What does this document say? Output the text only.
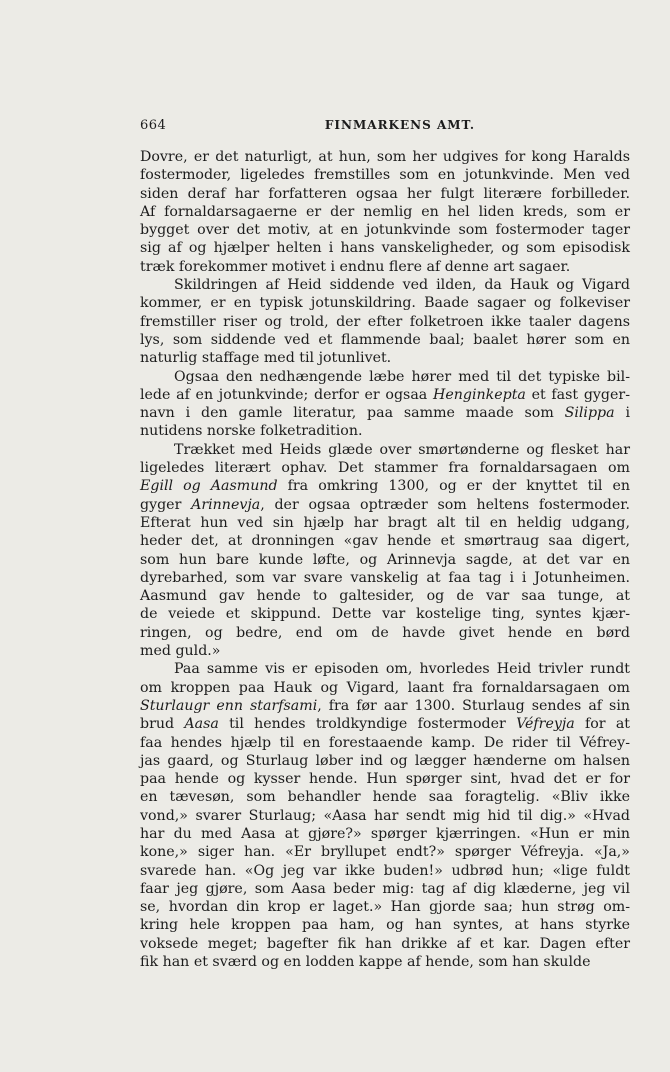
664	FINMARKENS AMT.
Dovre, er det naturligt, at hun, som her udgives for kong Haralds
fostermoder, ligeledes fremstilles som en jotunkvinde. Men ved
siden deraf har forfatteren ogsaa her fulgt literære forbilleder.
Af fornaldarsagaerne er der nemlig en hel liden kreds, som er
bygget over det motiv, at en jotunkvinde som fostermoder tager
sig af og hjælper helten i hans vanskeligheder, og som episodisk
træk forekommer motivet i endnu flere af denne art sagaer.
Skildringen af Heid siddende ved ilden, da Hauk og Vigard
kommer, er en typisk jotunskildring. Baade sagaer og folkeviser
fremstiller riser og trold, der efter folketroen ikke taaler dagens
lys, som siddende ved et flammende baal; baalet hører som en
naturlig staffage med til jotunlivet.
Ogsaa den nedhængende læbe hører med til det typiske bil-
lede af en jotunkvinde; derfor er ogsaa Henginkepta et fast gyger-
navn i den gamle literatur, paa samme maade som Silippa i
nutidens norske folketradition.
Trækket med Heids glæde over smørtønderne og flesket har
ligeledes literært ophav. Det stammer fra fornaldarsagaen om
Egill og Aasmund fra omkring 1300, og er der knyttet til en
gyger Arinnevja, der ogsaa optræder som heltens fostermoder.
Efterat hun ved sin hjælp har bragt alt til en heldig udgang,
heder det, at dronningen «gav hende et smørtraug saa digert,
som hun bare kunde løfte, og Arinnevja sagde, at det var en
dyrebarhed, som var svare vanskelig at faa tag i i Jotunheimen.
Aasmund gav hende to galtesider, og de var saa tunge, at
de veiede et skippund. Dette var kostelige ting, syntes kjær-
ringen, og bedre, end om de havde givet hende en børd
med guld.»
Paa samme vis er episoden om, hvorledes Heid trivler rundt
om kroppen paa Hauk og Vigard, laant fra fornaldarsagaen om
Sturlaugr enn starfsami, fra før aar 1300. Sturlaug sendes af sin
brud Aasa til hendes troldkyndige fostermoder Véfreyja for at
faa hendes hjælp til en forestaaende kamp. De rider til Véfrey-
jas gaard, og Sturlaug løber ind og lægger hænderne om halsen
paa hende og kysser hende. Hun spørger sint, hvad det er for
en tævesøn, som behandler hende saa foragtelig. «Bliv ikke
vond,» svarer Sturlaug; «Aasa har sendt mig hid til dig.» «Hvad
har du med Aasa at gjøre?» spørger kjærringen. «Hun er min
kone,» siger han. «Er bryllupet endt?» spørger Véfreyja. «Ja,»
svarede han. «Og jeg var ikke buden!» udbrød hun; «lige fuldt
faar jeg gjøre, som Aasa beder mig: tag af dig klæderne, jeg vil
se, hvordan din krop er laget.» Han gjorde saa; hun strøg om-
kring hele kroppen paa ham, og han syntes, at hans styrke
voksede meget; bagefter fik han drikke af et kar. Dagen efter
fik han et sværd og en lodden kappe af hende, som han skulde
